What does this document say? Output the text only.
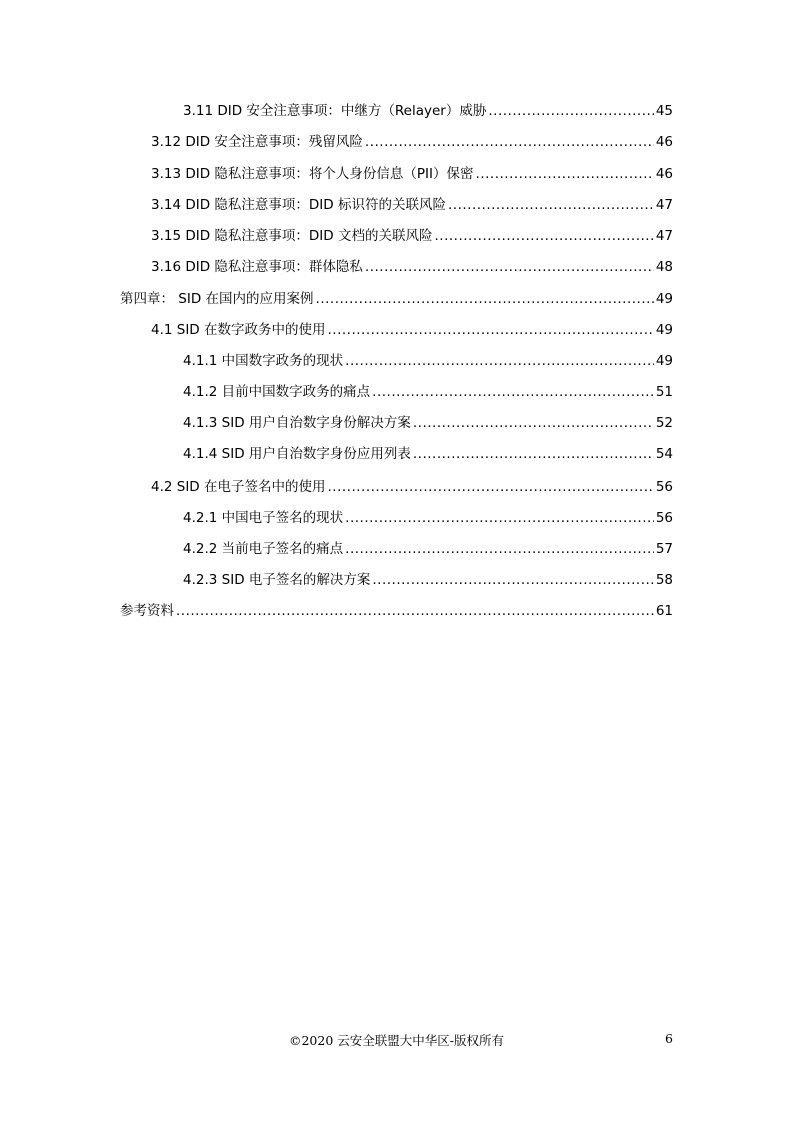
3.11 DID 安全注意事项：中继方（Relayer）威胁 .....	45
3.12 DID 安全注意事项：残留风险 .....	46
3.13 DID 隐私注意事项：将个人身份信息（PII）保密 .....	46
3.14 DID 隐私注意事项：DID 标识符的关联风险 .....	47
3.15 DID 隐私注意事项：DID 文档的关联风险 .....	47
3.16 DID 隐私注意事项：群体隐私 .....	48
第四章： SID 在国内的应用案例 .....	49
4.1 SID 在数字政务中的使用 .....	49
4.1.1 中国数字政务的现状 .....	49
4.1.2 目前中国数字政务的痛点 .....	51
4.1.3 SID 用户自治数字身份解决方案 .....	52
4.1.4 SID 用户自治数字身份应用列表 .....	54
4.2 SID 在电子签名中的使用 .....	56
4.2.1 中国电子签名的现状 .....	56
4.2.2 当前电子签名的痛点 .....	57
4.2.3 SID 电子签名的解决方案 .....	58
参考资料 .....	61
©2020 云安全联盟大中华区-版权所有	6
